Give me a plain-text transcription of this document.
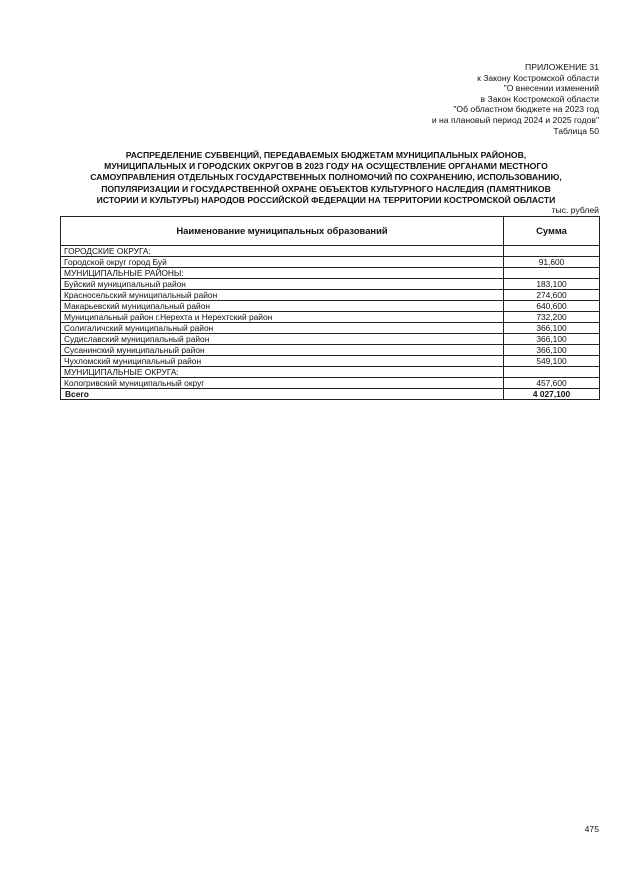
ПРИЛОЖЕНИЕ 31
к Закону Костромской области
"О внесении изменений
в Закон Костромской области
"Об областном бюджете на 2023 год
и на плановый период 2024 и 2025 годов"
Таблица 50
РАСПРЕДЕЛЕНИЕ СУБВЕНЦИЙ, ПЕРЕДАВАЕМЫХ БЮДЖЕТАМ МУНИЦИПАЛЬНЫХ РАЙОНОВ,
МУНИЦИПАЛЬНЫХ И ГОРОДСКИХ ОКРУГОВ В 2023 ГОДУ НА ОСУЩЕСТВЛЕНИЕ ОРГАНАМИ МЕСТНОГО
САМОУПРАВЛЕНИЯ ОТДЕЛЬНЫХ ГОСУДАРСТВЕННЫХ ПОЛНОМОЧИЙ ПО СОХРАНЕНИЮ, ИСПОЛЬЗОВАНИЮ,
ПОПУЛЯРИЗАЦИИ И ГОСУДАРСТВЕННОЙ ОХРАНЕ ОБЪЕКТОВ КУЛЬТУРНОГО НАСЛЕДИЯ (ПАМЯТНИКОВ
ИСТОРИИ И КУЛЬТУРЫ) НАРОДОВ РОССИЙСКОЙ ФЕДЕРАЦИИ НА ТЕРРИТОРИИ КОСТРОМСКОЙ ОБЛАСТИ
тыс. рублей
Наименование муниципальных образований	Сумма
ГОРОДСКИЕ ОКРУГА:	
Городской округ город Буй	91,600
МУНИЦИПАЛЬНЫЕ РАЙОНЫ:	
Буйский муниципальный район	183,100
Красносельский муниципальный район	274,600
Макарьевский муниципальный район	640,600
Муниципальный район г.Нерехта и Нерехтский район	732,200
Солигаличский муниципальный район	366,100
Судиславский муниципальный район	366,100
Сусанинский муниципальный район	366,100
Чухломский муниципальный район	549,100
МУНИЦИПАЛЬНЫЕ ОКРУГА:	
Кологривский муниципальный округ	457,600
Всего	4 027,100
475
